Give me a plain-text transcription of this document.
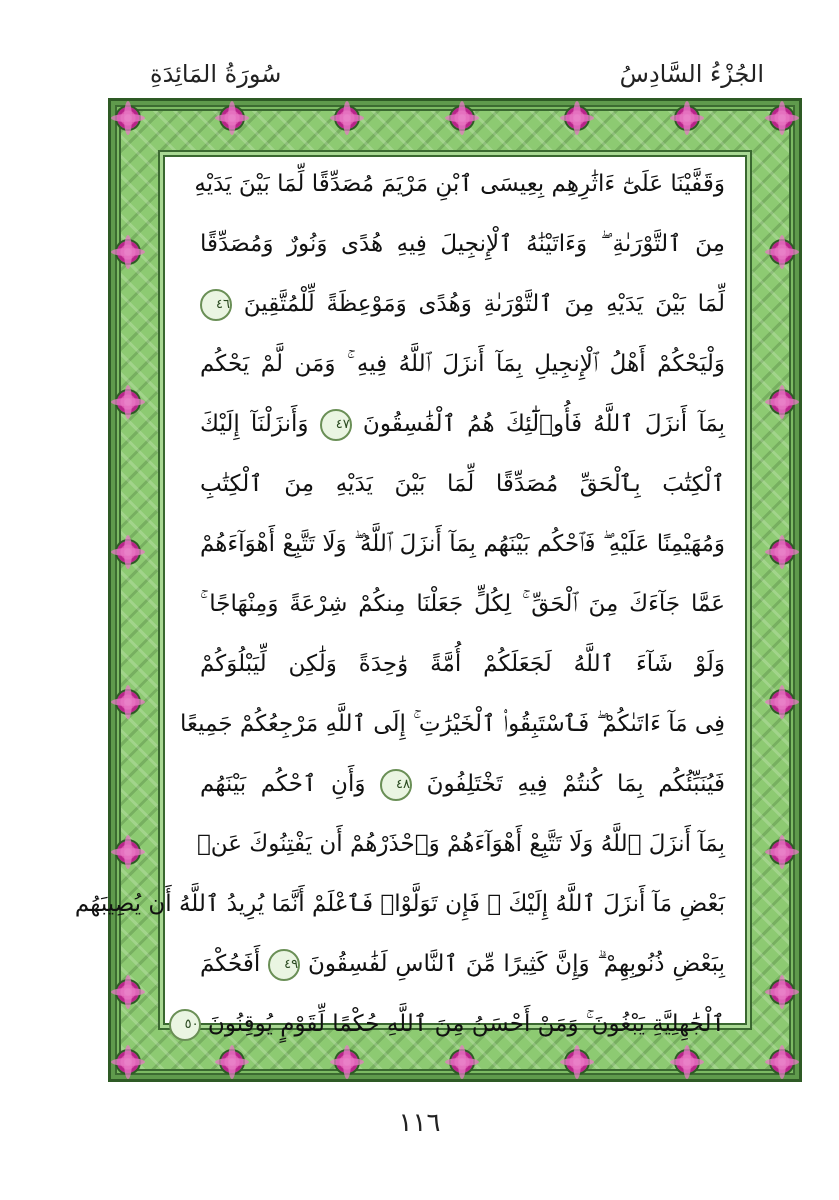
الجُزْءُ السَّادِسُ
سُورَةُ المَائِدَةِ
وَقَفَّيْنَا عَلَىٰٓ ءَاثَٰرِهِم بِعِيسَى ٱبْنِ مَرْيَمَ مُصَدِّقًا لِّمَا بَيْنَ يَدَيْهِ
مِنَ ٱلتَّوْرَىٰةِ ۖ وَءَاتَيْنَٰهُ ٱلْإِنجِيلَ فِيهِ هُدًى وَنُورٌ وَمُصَدِّقًا
لِّمَا بَيْنَ يَدَيْهِ مِنَ ٱلتَّوْرَىٰةِ وَهُدًى وَمَوْعِظَةً لِّلْمُتَّقِينَ ٤٦
وَلْيَحْكُمْ أَهْلُ ٱلْإِنجِيلِ بِمَآ أَنزَلَ ٱللَّهُ فِيهِ ۚ وَمَن لَّمْ يَحْكُم
بِمَآ أَنزَلَ ٱللَّهُ فَأُو۟لَٰٓئِكَ هُمُ ٱلْفَٰسِقُونَ ٤٧ وَأَنزَلْنَآ إِلَيْكَ
ٱلْكِتَٰبَ بِٱلْحَقِّ مُصَدِّقًا لِّمَا بَيْنَ يَدَيْهِ مِنَ ٱلْكِتَٰبِ
وَمُهَيْمِنًا عَلَيْهِ ۖ فَٱحْكُم بَيْنَهُم بِمَآ أَنزَلَ ٱللَّهُ ۖ وَلَا تَتَّبِعْ أَهْوَآءَهُمْ
عَمَّا جَآءَكَ مِنَ ٱلْحَقِّ ۚ لِكُلٍّ جَعَلْنَا مِنكُمْ شِرْعَةً وَمِنْهَاجًا ۚ
وَلَوْ شَآءَ ٱللَّهُ لَجَعَلَكُمْ أُمَّةً وَٰحِدَةً وَلَٰكِن لِّيَبْلُوَكُمْ
فِى مَآ ءَاتَىٰكُمْ ۖ فَٱسْتَبِقُوا۟ ٱلْخَيْرَٰتِ ۚ إِلَى ٱللَّهِ مَرْجِعُكُمْ جَمِيعًا
فَيُنَبِّئُكُم بِمَا كُنتُمْ فِيهِ تَخْتَلِفُونَ ٤٨ وَأَنِ ٱحْكُم بَيْنَهُم
بِمَآ أَنزَلَ ٱللَّهُ وَلَا تَتَّبِعْ أَهْوَآءَهُمْ وَٱحْذَرْهُمْ أَن يَفْتِنُوكَ عَنۢ
بَعْضِ مَآ أَنزَلَ ٱللَّهُ إِلَيْكَ ۖ فَإِن تَوَلَّوْا۟ فَٱعْلَمْ أَنَّمَا يُرِيدُ ٱللَّهُ أَن يُصِيبَهُم
بِبَعْضِ ذُنُوبِهِمْ ۗ وَإِنَّ كَثِيرًا مِّنَ ٱلنَّاسِ لَفَٰسِقُونَ ٤٩ أَفَحُكْمَ
ٱلْجَٰهِلِيَّةِ يَبْغُونَ ۚ وَمَنْ أَحْسَنُ مِنَ ٱللَّهِ حُكْمًا لِّقَوْمٍ يُوقِنُونَ ٥٠
١١٦
